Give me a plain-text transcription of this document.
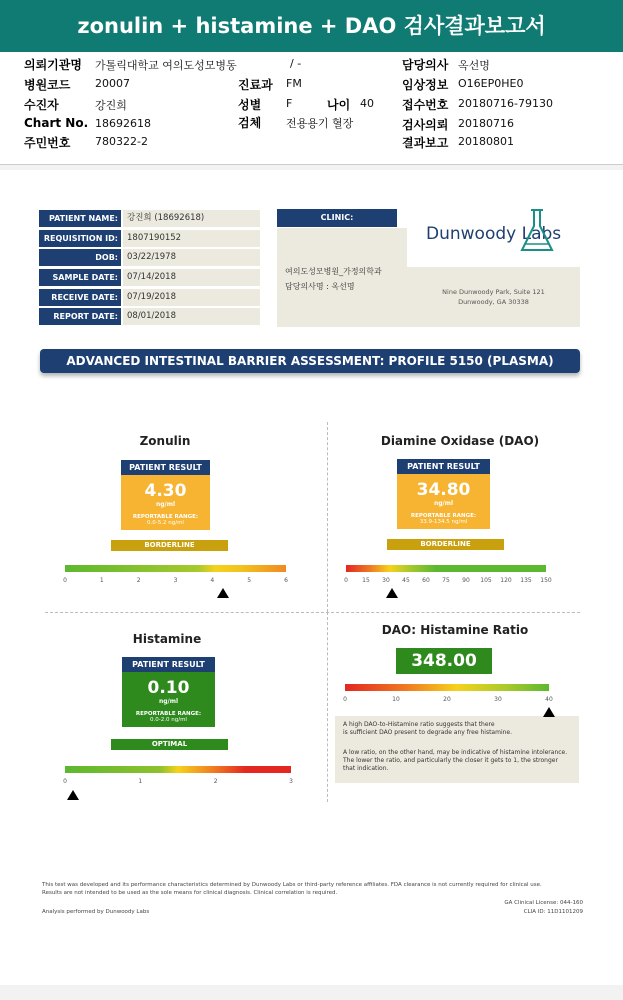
zonulin + histamine + DAO 검사결과보고서
의뢰기관명 가톨릭대학교 여의도성모병동	/ -
병원코드 20007
수진자	강진희
Chart No. 18692618
주민번호 780322-2
진료과 FM
성별 F	나이 40
검체 전용용기 혈장
담당의사 옥선명
임상정보 O16EP0HE0
접수번호 20180716-79130
검사의뢰 20180716
결과보고 20180801
PATIENT NAME:	강진희 (18692618)
REQUISITION ID:	1807190152
DOB:	03/22/1978
SAMPLE DATE:	07/14/2018
RECEIVE DATE:	07/19/2018
REPORT DATE:	08/01/2018
CLINIC:
여의도성모병원_가정의학과
담당의사명 : 옥선명
Dunwoody Labs
Nine Dunwoody Park, Suite 121
Dunwoody, GA 30338
ADVANCED INTESTINAL BARRIER ASSESSMENT: PROFILE 5150 (PLASMA)
Zonulin
PATIENT RESULT
4.30
ng/ml
REPORTABLE RANGE:
0.0-5.2 ng/ml
BORDERLINE
Diamine Oxidase (DAO)
PATIENT RESULT
34.80
ng/ml
REPORTABLE RANGE:
33.9-134.5 ng/ml
BORDERLINE
Histamine
PATIENT RESULT
0.10
ng/ml
REPORTABLE RANGE:
0.0-2.0 ng/ml
OPTIMAL
DAO: Histamine Ratio
348.00
A high DAO-to-Histamine ratio suggests that there
is sufficient DAO present to degrade any free histamine.
A low ratio, on the other hand, may be indicative of histamine intolerance.
The lower the ratio, and particularly the closer it gets to 1, the stronger
that indication.
This test was developed and its performance characteristics determined by Dunwoody Labs or third-party reference affiliates. FDA clearance is not currently required for clinical use.
Results are not intended to be used as the sole means for clinical diagnosis. Clinical correlation is required.
GA Clinical License: 044-160
CLIA ID: 11D1101209
Analysis performed by Dunwoody Labs
0	1	2	3	4	5	6	0 15 30 45 60 75 90 105 120 135 150
0	1	2	3
0	10	20	30	40
